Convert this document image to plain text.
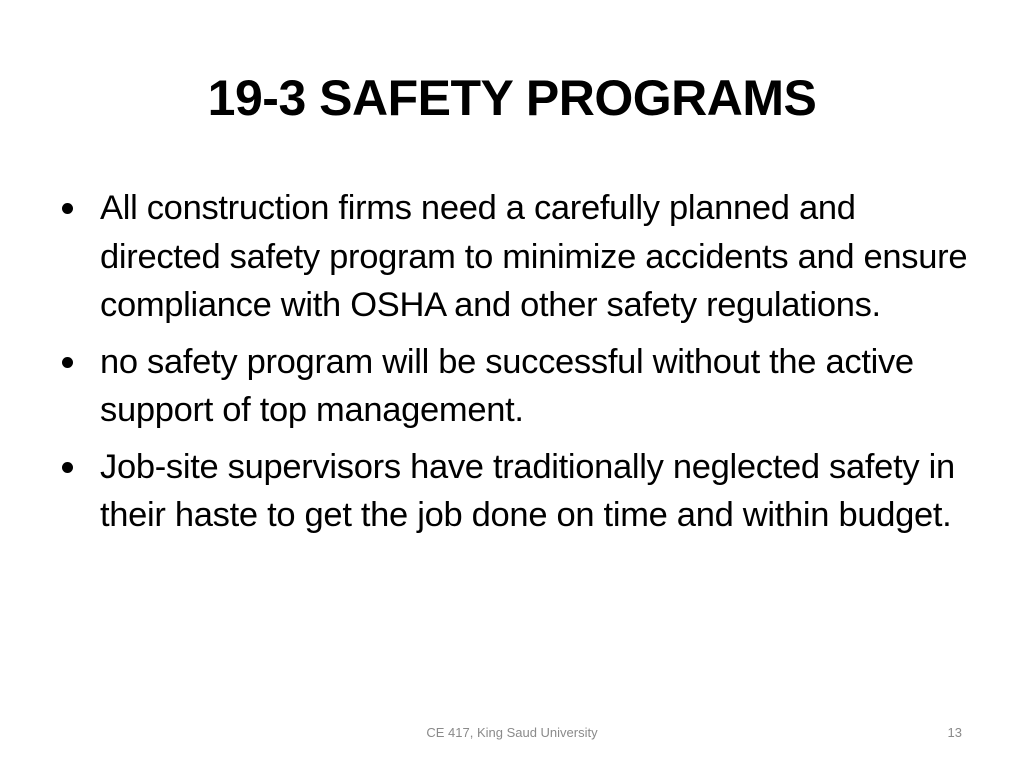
19-3 SAFETY PROGRAMS
All construction firms need a carefully planned and directed safety program to minimize accidents and ensure compliance with OSHA and other safety regulations.
no safety program will be successful without the active support of top management.
Job-site supervisors have traditionally neglected safety in their haste to get the job done on time and within budget.
CE 417, King Saud University	13
